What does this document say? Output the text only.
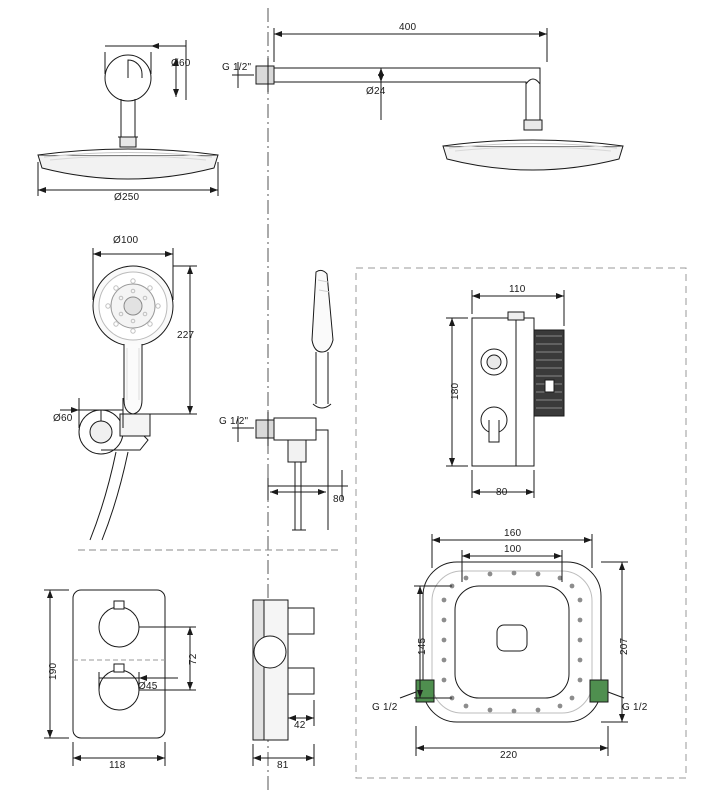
Ø60
Ø250
400
G 1/2"
Ø24
Ø100
227
Ø60	G 1/2"
80
110
180
80
190
118
72
Ø45
42
81
160
100
220
145	207
G 1/2	G 1/2
